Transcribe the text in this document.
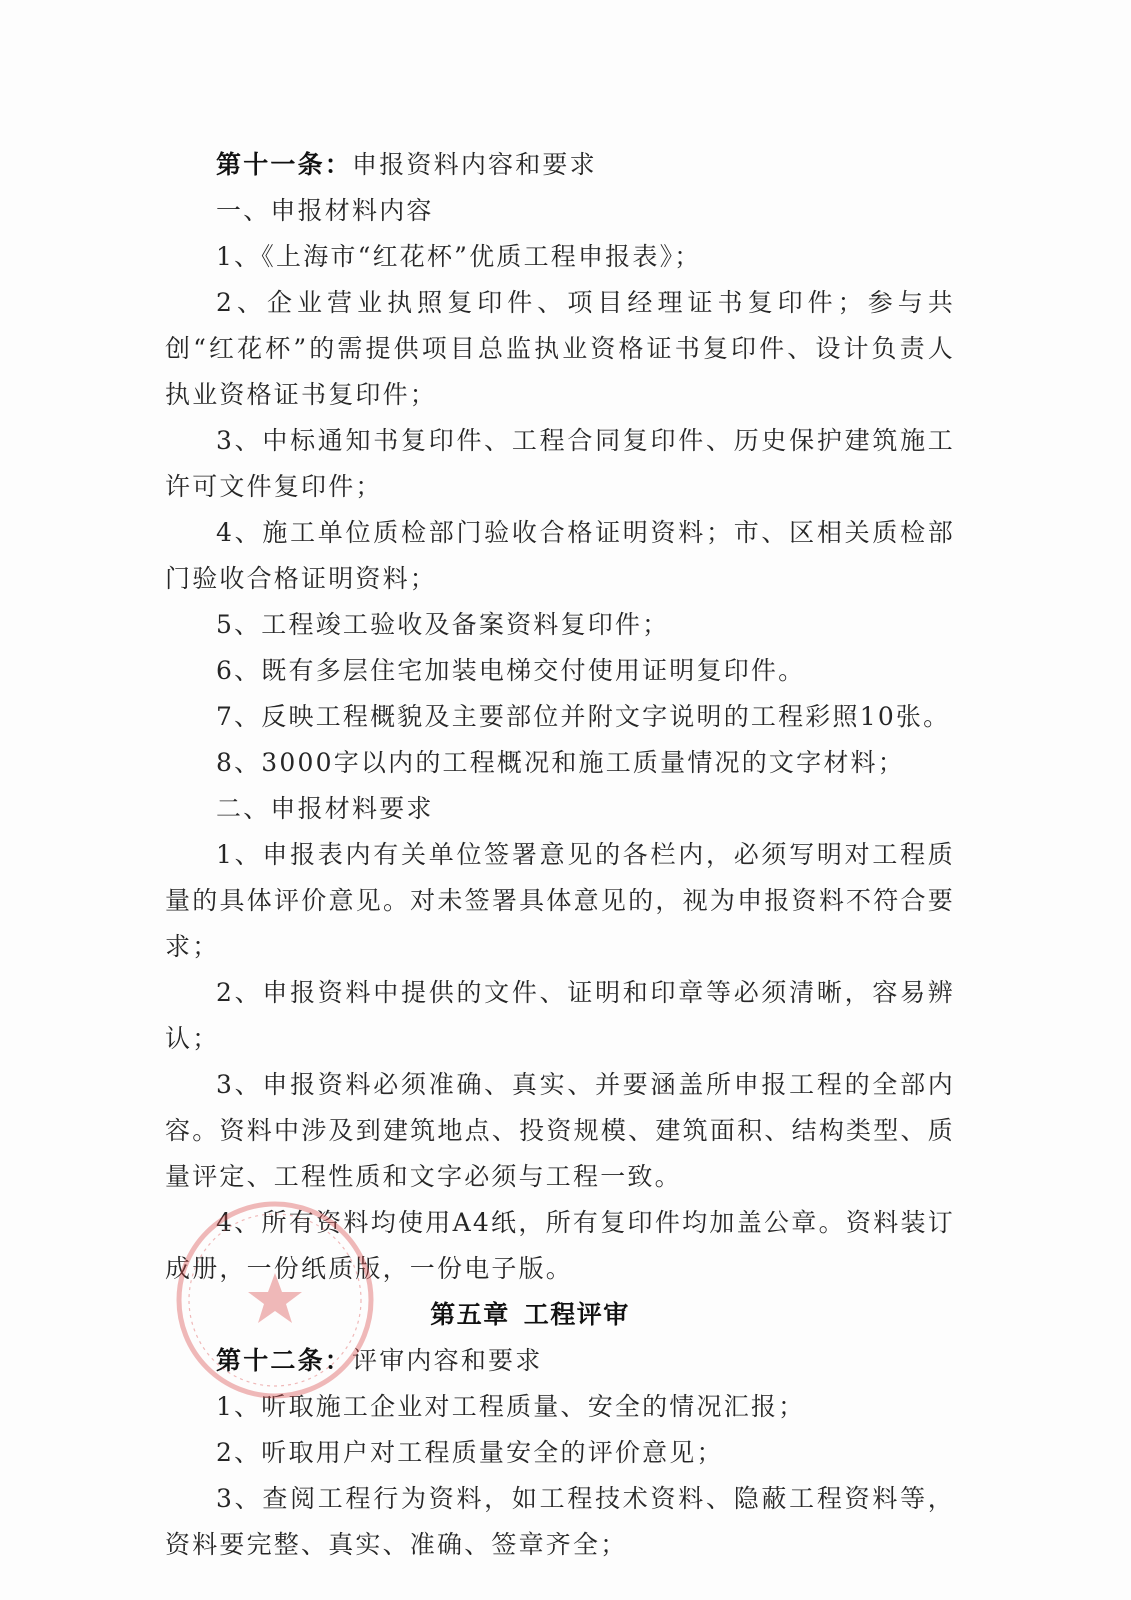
第十一条：申报资料内容和要求

一、申报材料内容

1、《上海市“红花杯”优质工程申报表》；

2、企业营业执照复印件、项目经理证书复印件；参与共创“红花杯”的需提供项目总监执业资格证书复印件、设计负责人执业资格证书复印件；

3、中标通知书复印件、工程合同复印件、历史保护建筑施工许可文件复印件；

4、施工单位质检部门验收合格证明资料；市、区相关质检部门验收合格证明资料；

5、工程竣工验收及备案资料复印件；

6、既有多层住宅加装电梯交付使用证明复印件。

7、反映工程概貌及主要部位并附文字说明的工程彩照10张。

8、3000字以内的工程概况和施工质量情况的文字材料；

二、申报材料要求

1、申报表内有关单位签署意见的各栏内，必须写明对工程质量的具体评价意见。对未签署具体意见的，视为申报资料不符合要求；

2、申报资料中提供的文件、证明和印章等必须清晰，容易辨认；

3、申报资料必须准确、真实、并要涵盖所申报工程的全部内容。资料中涉及到建筑地点、投资规模、建筑面积、结构类型、质量评定、工程性质和文字必须与工程一致。

4、所有资料均使用A4纸，所有复印件均加盖公章。资料装订成册，一份纸质版，一份电子版。

第五章 工程评审

第十二条：评审内容和要求

1、听取施工企业对工程质量、安全的情况汇报；

2、听取用户对工程质量安全的评价意见；

3、查阅工程行为资料，如工程技术资料、隐蔽工程资料等，资料要完整、真实、准确、签章齐全；
